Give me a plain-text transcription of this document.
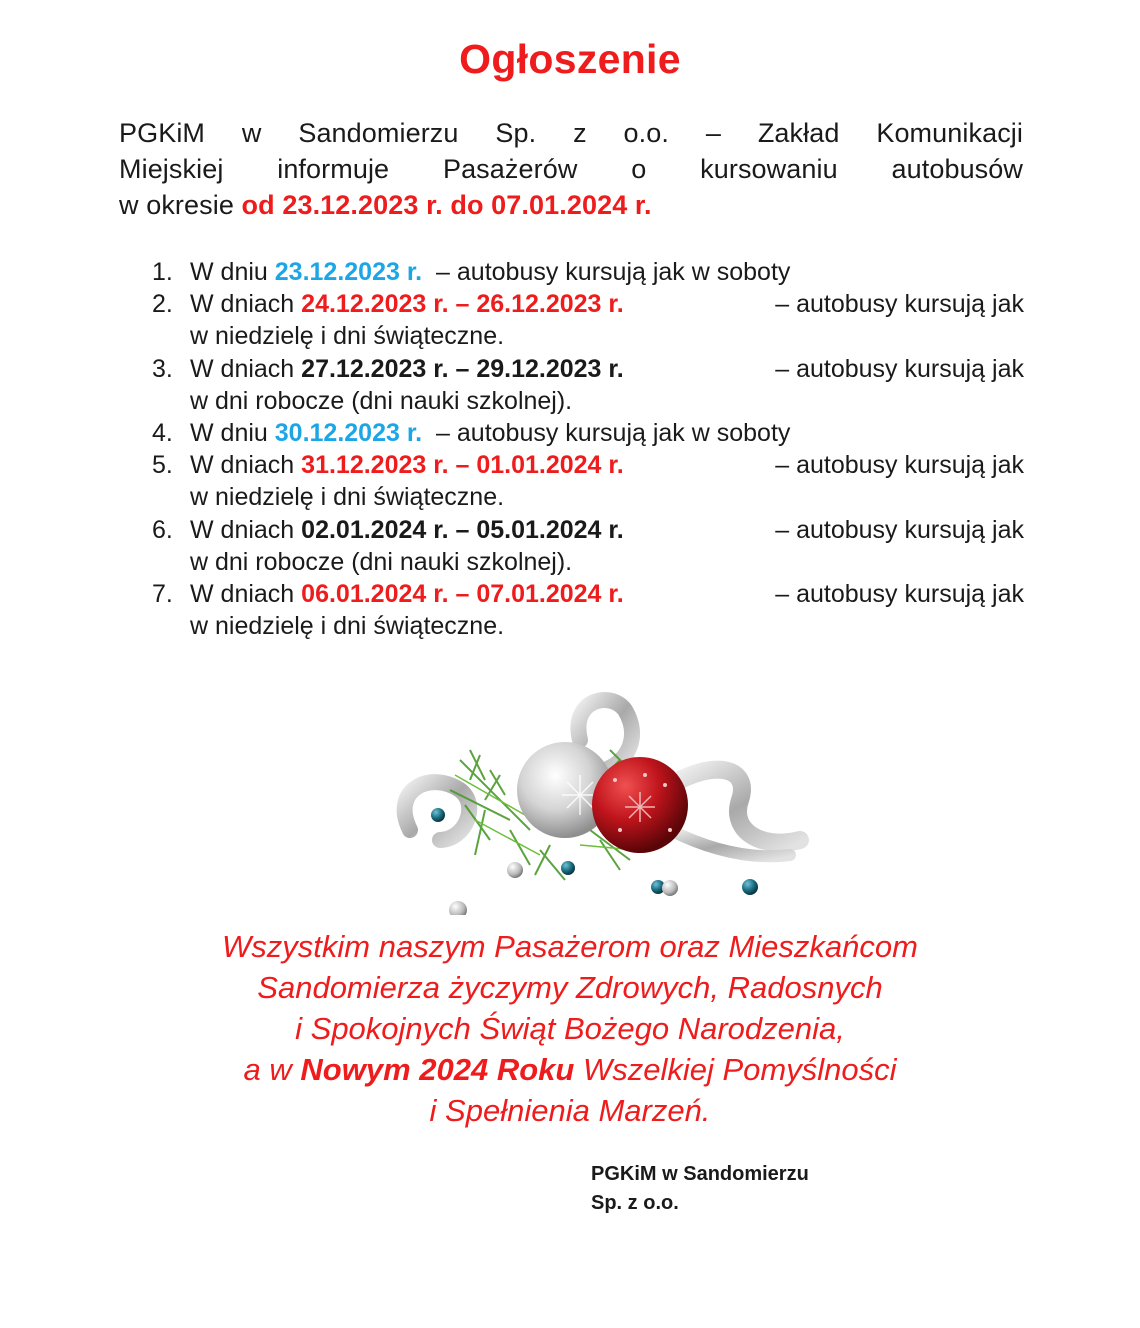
Ogłoszenie
PGKiM w Sandomierzu Sp. z o.o. – Zakład Komunikacji
Miejskiej informuje Pasażerów o kursowaniu autobusów
w okresie od 23.12.2023 r. do 07.01.2024 r.
1. W dniu 23.12.2023 r. – autobusy kursują jak w soboty
2. W dniach 24.12.2023 r. – 26.12.2023 r.	– autobusy kursują jak
w niedzielę i dni świąteczne.
3. W dniach 27.12.2023 r. – 29.12.2023 r.	– autobusy kursują jak
w dni robocze (dni nauki szkolnej).
4. W dniu 30.12.2023 r. – autobusy kursują jak w soboty
5. W dniach 31.12.2023 r. – 01.01.2024 r.	– autobusy kursują jak
w niedzielę i dni świąteczne.
6. W dniach 02.01.2024 r. – 05.01.2024 r.	– autobusy kursują jak
w dni robocze (dni nauki szkolnej).
7. W dniach 06.01.2024 r. – 07.01.2024 r.	– autobusy kursują jak
w niedzielę i dni świąteczne.
Wszystkim naszym Pasażerom oraz Mieszkańcom
Sandomierza życzymy Zdrowych, Radosnych
i Spokojnych Świąt Bożego Narodzenia,
a w Nowym 2024 Roku Wszelkiej Pomyślności
i Spełnienia Marzeń.
PGKiM w Sandomierzu
Sp. z o.o.
